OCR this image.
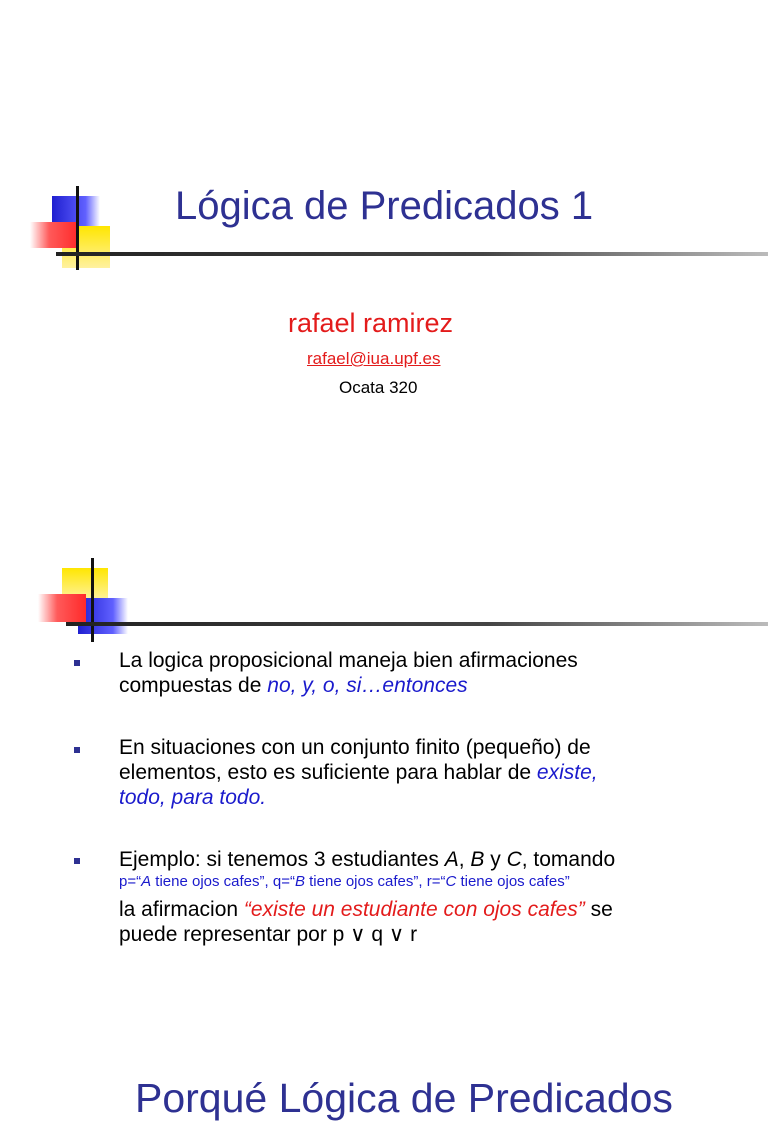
Lógica de Predicados 1
rafael ramirez
rafael@iua.upf.es
Ocata 320
Porqué Lógica de Predicados
La logica proposicional maneja bien afirmaciones
compuestas de no, y, o, si…entonces
En situaciones con un conjunto finito (pequeño) de
elementos, esto es suficiente para hablar de existe,
todo, para todo.
Ejemplo: si tenemos 3 estudiantes A, B y C, tomando
p=“A tiene ojos cafes”, q=“B tiene ojos cafes”, r=“C tiene ojos cafes”
la afirmacion “existe un estudiante con ojos cafes” se
puede representar por p ∨ q ∨ r
